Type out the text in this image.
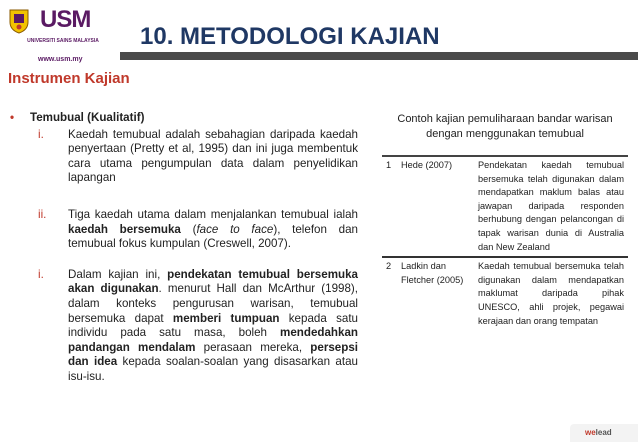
USM
UNIVERSITI SAINS MALAYSIA
www.usm.my
10. METODOLOGI KAJIAN
Instrumen Kajian
• Temubual (Kualitatif)
i. Kaedah temubual adalah sebahagian daripada kaedah penyertaan (Pretty et al, 1995) dan ini juga membentuk cara utama pengumpulan data dalam penyelidikan lapangan
ii. Tiga kaedah utama dalam menjalankan temubual ialah kaedah bersemuka (face to face), telefon dan temubual fokus kumpulan (Creswell, 2007).
i. Dalam kajian ini, pendekatan temubual bersemuka akan digunakan. menurut Hall dan McArthur (1998), dalam konteks pengurusan warisan, temubual bersemuka dapat memberi tumpuan kepada satu individu pada satu masa, boleh mendedahkan pandangan mendalam perasaan mereka, persepsi dan idea kepada soalan-soalan yang disasarkan atau isu-isu.
Contoh kajian pemuliharaan bandar warisan dengan menggunakan temubual
1	Hede (2007)	Pendekatan kaedah temubual bersemuka telah digunakan dalam mendapatkan maklum balas atau jawapan daripada responden berhubung dengan pelancongan di tapak warisan dunia di Australia dan New Zealand
2	Ladkin dan Fletcher (2005)	Kaedah temubual bersemuka telah digunakan dalam mendapatkan maklumat daripada pihak UNESCO, ahli projek, pegawai kerajaan dan orang tempatan
welead
